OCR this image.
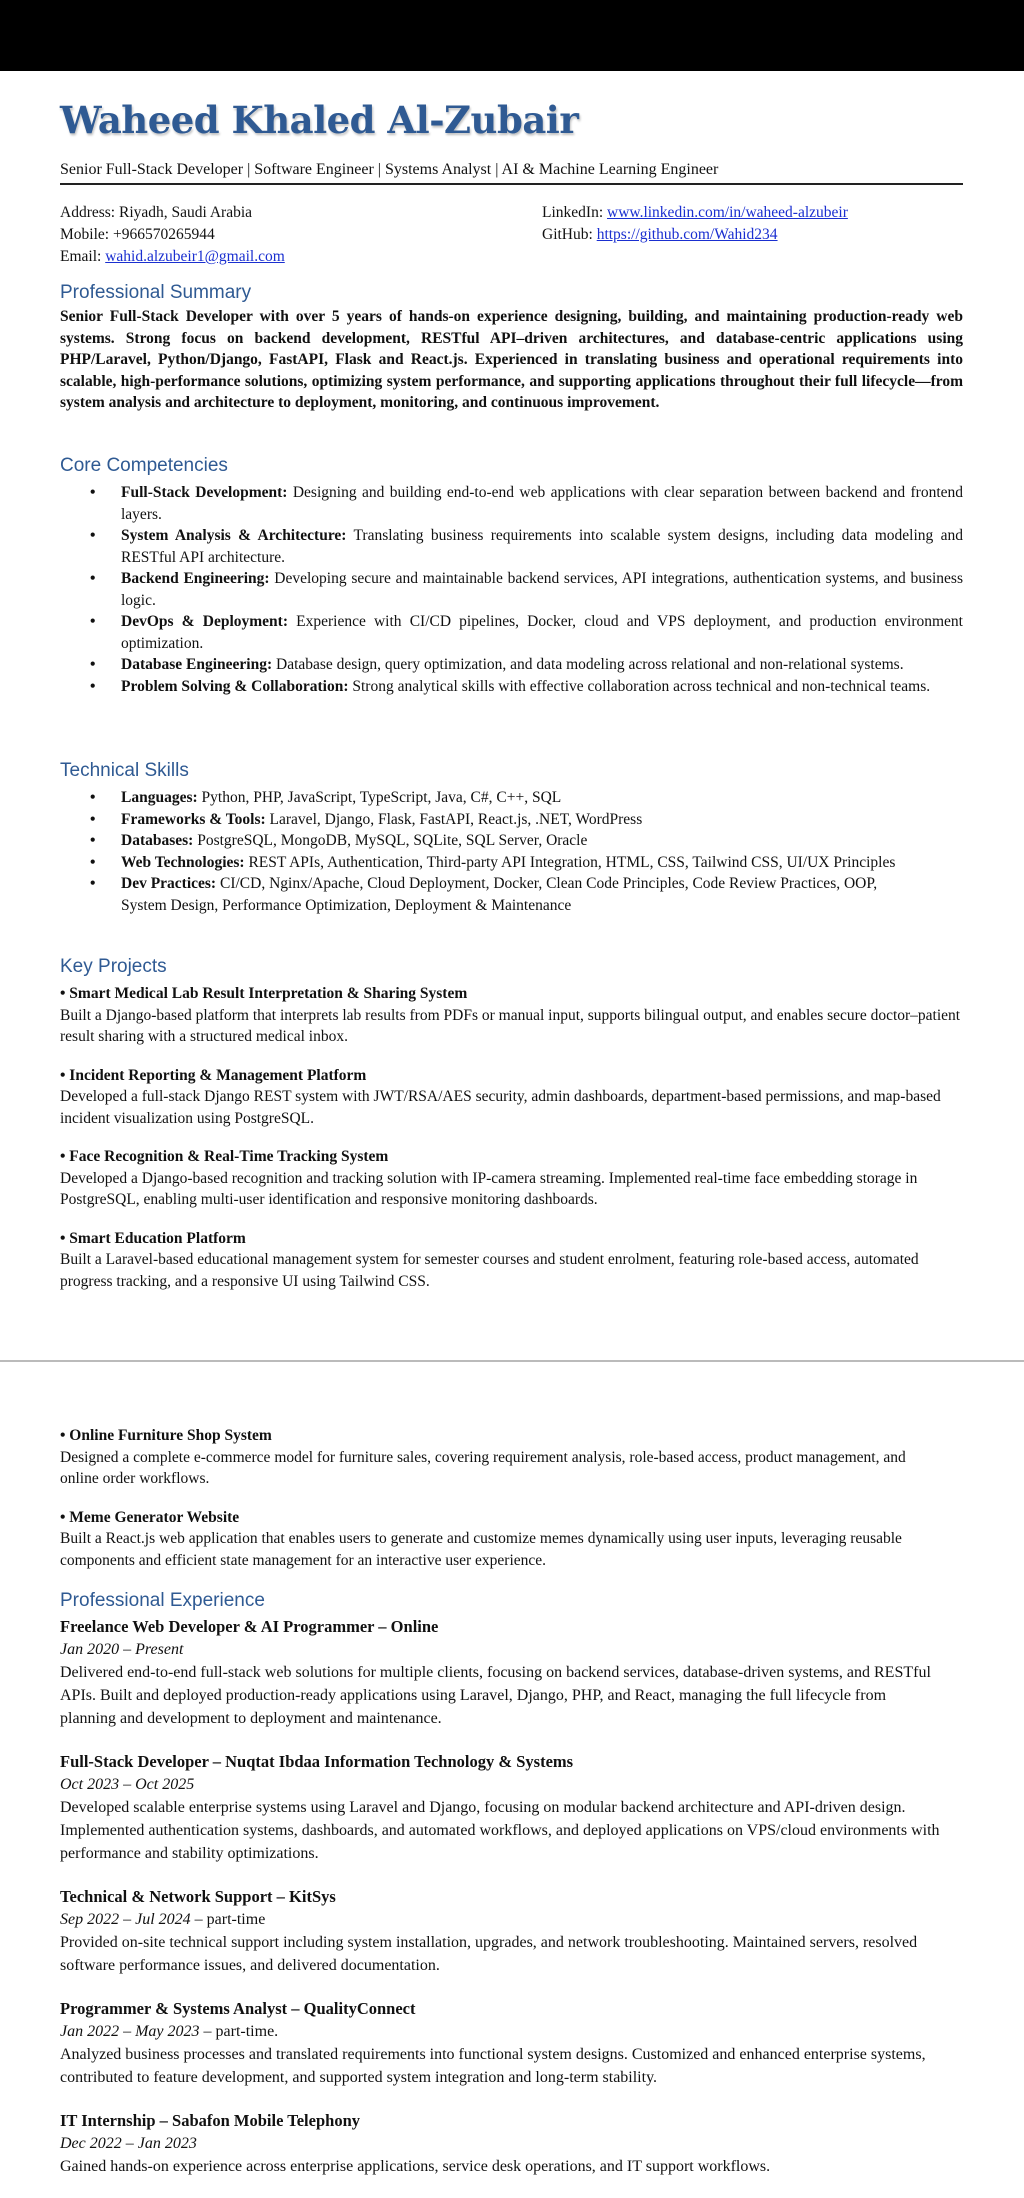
Waheed Khaled Al-Zubair
Senior Full-Stack Developer | Software Engineer | Systems Analyst | AI & Machine Learning Engineer
Address: Riyadh, Saudi Arabia
Mobile: +966570265944
Email: wahid.alzubeir1@gmail.com
LinkedIn: www.linkedin.com/in/waheed-alzubeir
GitHub: https://github.com/Wahid234
Professional Summary
Senior Full-Stack Developer with over 5 years of hands-on experience designing, building, and maintaining production-ready web systems. Strong focus on backend development, RESTful API–driven architectures, and database-centric applications using PHP/Laravel, Python/Django, FastAPI, Flask and React.js. Experienced in translating business and operational requirements into scalable, high-performance solutions, optimizing system performance, and supporting applications throughout their full lifecycle—from system analysis and architecture to deployment, monitoring, and continuous improvement.
Core Competencies
• Full-Stack Development: Designing and building end-to-end web applications with clear separation between backend and frontend layers.
• System Analysis & Architecture: Translating business requirements into scalable system designs, including data modeling and RESTful API architecture.
• Backend Engineering: Developing secure and maintainable backend services, API integrations, authentication systems, and business logic.
• DevOps & Deployment: Experience with CI/CD pipelines, Docker, cloud and VPS deployment, and production environment optimization.
• Database Engineering: Database design, query optimization, and data modeling across relational and non-relational systems.
• Problem Solving & Collaboration: Strong analytical skills with effective collaboration across technical and non-technical teams.
Technical Skills
• Languages: Python, PHP, JavaScript, TypeScript, Java, C#, C++, SQL
• Frameworks & Tools: Laravel, Django, Flask, FastAPI, React.js, .NET, WordPress
• Databases: PostgreSQL, MongoDB, MySQL, SQLite, SQL Server, Oracle
• Web Technologies: REST APIs, Authentication, Third-party API Integration, HTML, CSS, Tailwind CSS, UI/UX Principles
• Dev Practices: CI/CD, Nginx/Apache, Cloud Deployment, Docker, Clean Code Principles, Code Review Practices, OOP, System Design, Performance Optimization, Deployment & Maintenance
Key Projects
• Smart Medical Lab Result Interpretation & Sharing System
Built a Django-based platform that interprets lab results from PDFs or manual input, supports bilingual output, and enables secure doctor–patient result sharing with a structured medical inbox.
• Incident Reporting & Management Platform
Developed a full-stack Django REST system with JWT/RSA/AES security, admin dashboards, department-based permissions, and map-based incident visualization using PostgreSQL.
• Face Recognition & Real-Time Tracking System
Developed a Django-based recognition and tracking solution with IP-camera streaming. Implemented real-time face embedding storage in PostgreSQL, enabling multi-user identification and responsive monitoring dashboards.
• Smart Education Platform
Built a Laravel-based educational management system for semester courses and student enrolment, featuring role-based access, automated progress tracking, and a responsive UI using Tailwind CSS.
• Online Furniture Shop System
Designed a complete e-commerce model for furniture sales, covering requirement analysis, role-based access, product management, and online order workflows.
• Meme Generator Website
Built a React.js web application that enables users to generate and customize memes dynamically using user inputs, leveraging reusable components and efficient state management for an interactive user experience.
Professional Experience
Freelance Web Developer & AI Programmer – Online
Jan 2020 – Present
Delivered end-to-end full-stack web solutions for multiple clients, focusing on backend services, database-driven systems, and RESTful APIs. Built and deployed production-ready applications using Laravel, Django, PHP, and React, managing the full lifecycle from planning and development to deployment and maintenance.
Full-Stack Developer – Nuqtat Ibdaa Information Technology & Systems
Oct 2023 – Oct 2025
Developed scalable enterprise systems using Laravel and Django, focusing on modular backend architecture and API-driven design. Implemented authentication systems, dashboards, and automated workflows, and deployed applications on VPS/cloud environments with performance and stability optimizations.
Technical & Network Support – KitSys
Sep 2022 – Jul 2024 – part-time
Provided on-site technical support including system installation, upgrades, and network troubleshooting. Maintained servers, resolved software performance issues, and delivered documentation.
Programmer & Systems Analyst – QualityConnect
Jan 2022 – May 2023 – part-time.
Analyzed business processes and translated requirements into functional system designs. Customized and enhanced enterprise systems, contributed to feature development, and supported system integration and long-term stability.
IT Internship – Sabafon Mobile Telephony
Dec 2022 – Jan 2023
Gained hands-on experience across enterprise applications, service desk operations, and IT support workflows.
